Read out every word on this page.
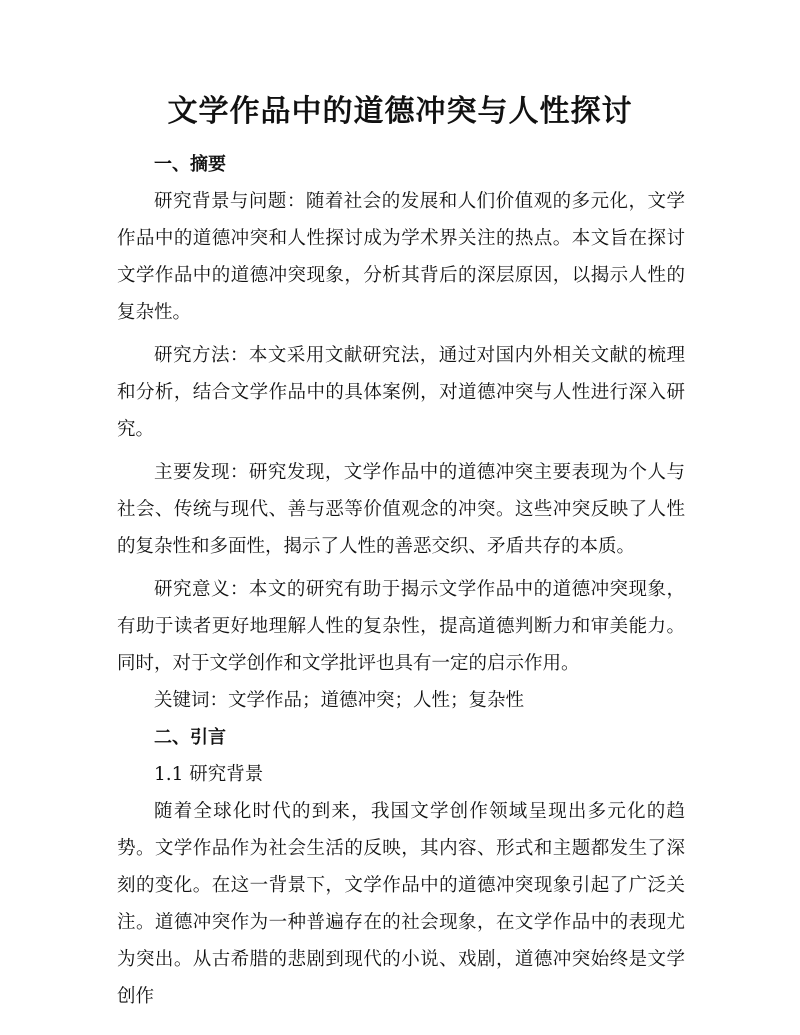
文学作品中的道德冲突与人性探讨

一、摘要

研究背景与问题：随着社会的发展和人们价值观的多元化，文学作品中的道德冲突和人性探讨成为学术界关注的热点。本文旨在探讨文学作品中的道德冲突现象，分析其背后的深层原因，以揭示人性的复杂性。

研究方法：本文采用文献研究法，通过对国内外相关文献的梳理和分析，结合文学作品中的具体案例，对道德冲突与人性进行深入研究。

主要发现：研究发现，文学作品中的道德冲突主要表现为个人与社会、传统与现代、善与恶等价值观念的冲突。这些冲突反映了人性的复杂性和多面性，揭示了人性的善恶交织、矛盾共存的本质。

研究意义：本文的研究有助于揭示文学作品中的道德冲突现象，有助于读者更好地理解人性的复杂性，提高道德判断力和审美能力。同时，对于文学创作和文学批评也具有一定的启示作用。

关键词：文学作品；道德冲突；人性；复杂性

二、引言

1.1 研究背景

随着全球化时代的到来，我国文学创作领域呈现出多元化的趋势。文学作品作为社会生活的反映，其内容、形式和主题都发生了深刻的变化。在这一背景下，文学作品中的道德冲突现象引起了广泛关注。道德冲突作为一种普遍存在的社会现象，在文学作品中的表现尤为突出。从古希腊的悲剧到现代的小说、戏剧，道德冲突始终是文学创作
